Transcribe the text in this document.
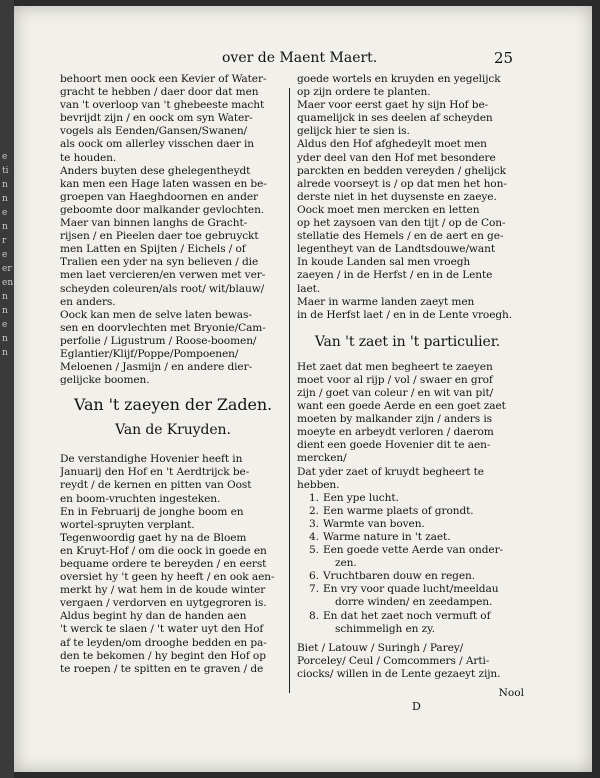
e
ti
n
n
e
n
r
e
er
en
n
n
e
n
n
over de Maent Maert.	25
behoort men oock een Kevier of Water-
gracht te hebben / daer door dat men
van 't overloop van 't ghebeeste macht
bevrijdt zijn / en oock om syn Water-
vogels als Eenden/Gansen/Swanen/
als oock om allerley visschen daer in
te houden.
Anders buyten dese ghelegentheydt
kan men een Hage laten wassen en be-
groepen van Haeghdoornen en ander
geboomte door malkander gevlochten.
Maer van binnen langhs de Gracht-
rijsen / en Pieelen daer toe gebruyckt
men Latten en Spijten / Eichels / of
Tralien een yder na syn believen / die
men laet vercieren/en verwen met ver-
scheyden coleuren/als root/ wit/blauw/
en anders.
Oock kan men de selve laten bewas-
sen en doorvlechten met Bryonie/Cam-
perfolie / Ligustrum / Roose-boomen/
Eglantier/Klijf/Poppe/Pompoenen/
Meloenen / Jasmijn / en andere dier-
gelijcke boomen.
Van 't zaeyen der Zaden.
Van de Kruyden.
De verstandighe Hovenier heeft in
Januarij den Hof en 't Aerdtrijck be-
reydt / de kernen en pitten van Oost
en boom-vruchten ingesteken.
En in Februarij de jonghe boom en
wortel-spruyten verplant.
Tegenwoordig gaet hy na de Bloem
en Kruyt-Hof / om die oock in goede en
bequame ordere te bereyden / en eerst
oversiet hy 't geen hy heeft / en ook aen-
merkt hy / wat hem in de koude winter
vergaen / verdorven en uytgegroren is.
Aldus begint hy dan de handen aen
't werck te slaen / 't water uyt den Hof
af te leyden/om drooghe bedden en pa-
den te bekomen / hy begint den Hof op
te roepen / te spitten en te graven / de
goede wortels en kruyden en yegelijck
op zijn ordere te planten.
Maer voor eerst gaet hy sijn Hof be-
quamelijck in ses deelen af scheyden
gelijck hier te sien is.
Aldus den Hof afghedeylt moet men
yder deel van den Hof met besondere
parckten en bedden vereyden / ghelijck
alrede voorseyt is / op dat men het hon-
derste niet in het duysenste en zaeye.
Oock moet men mercken en letten
op het zaysoen van den tijt / op de Con-
stellatie des Hemels / en de aert en ge-
legentheyt van de Landtsdouwe/want
In koude Landen sal men vroegh
zaeyen / in de Herfst / en in de Lente
laet.
Maer in warme landen zaeyt men
in de Herfst laet / en in de Lente vroegh.
Van 't zaet in 't particulier.
Het zaet dat men begheert te zaeyen
moet voor al rijp / vol / swaer en grof
zijn / goet van coleur / en wit van pit/
want een goede Aerde en een goet zaet
moeten by malkander zijn / anders is
moeyte en arbeydt verloren / daerom
dient een goede Hovenier dit te aen-
mercken/
Dat yder zaet of kruydt begheert te
hebben.
1. Een ype lucht.
2. Een warme plaets of grondt.
3. Warmte van boven.
4. Warme nature in 't zaet.
5. Een goede vette Aerde van onder-
zen.
6. Vruchtbaren douw en regen.
7. En vry voor quade lucht/meeldau
dorre winden/ en zeedampen.
8. En dat het zaet noch vermuft of
schimmeligh en zy.
Biet / Latouw / Suringh / Parey/
Porceley/ Ceul / Comcommers / Arti-
ciocks/ willen in de Lente gezaeyt zijn.
Nool
D
